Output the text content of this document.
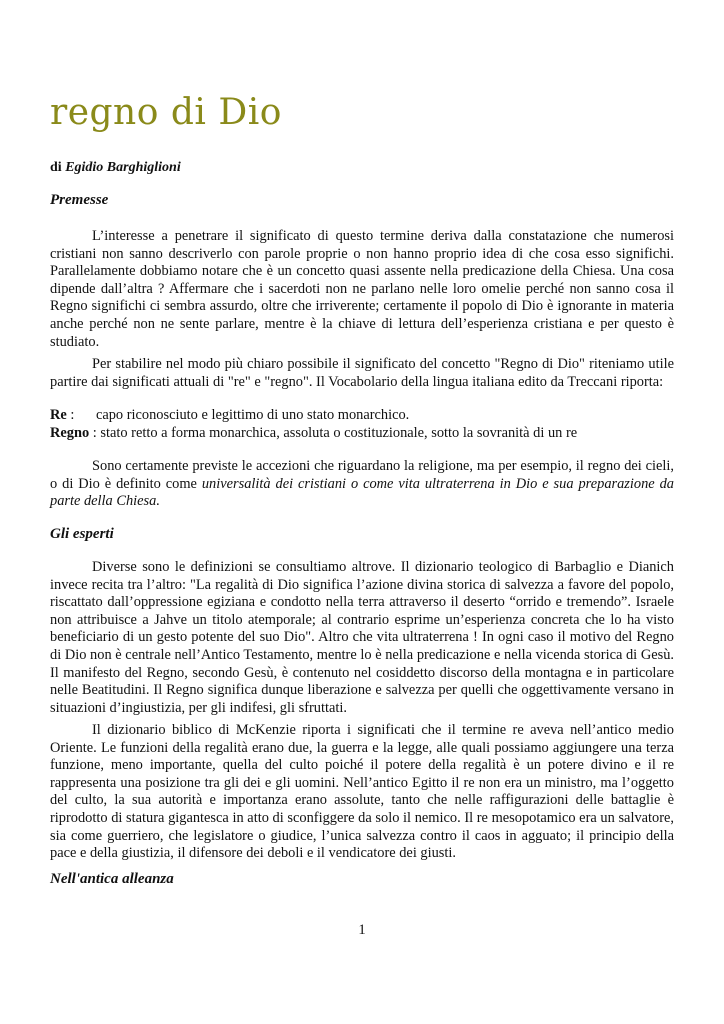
regno di Dio
di Egidio Barghiglioni
Premesse

L’interesse a penetrare il significato di questo termine deriva dalla constatazione che numerosi cristiani non sanno descriverlo con parole proprie o non hanno proprio idea di che cosa esso significhi. Parallelamente dobbiamo notare che è un concetto quasi assente nella predicazione della Chiesa. Una cosa dipende dall’altra ? Affermare che i sacerdoti non ne parlano nelle loro omelie perché non sanno cosa il Regno significhi ci sembra assurdo, oltre che irriverente; certamente il popolo di Dio è ignorante in materia anche perché non ne sente parlare, mentre è la chiave di lettura dell’esperienza cristiana e per questo è studiato.

Per stabilire nel modo più chiaro possibile il significato del concetto "Regno di Dio" riteniamo utile partire dai significati attuali di "re" e "regno". Il Vocabolario della lingua italiana edito da Treccani riporta:

Re :      capo riconosciuto e legittimo di uno stato monarchico.
Regno : stato retto a forma monarchica, assoluta o costituzionale, sotto la sovranità di un re

Sono certamente previste le accezioni che riguardano la religione, ma per esempio, il regno dei cieli, o di Dio è definito come universalità dei cristiani o come vita ultraterrena in Dio e sua preparazione da parte della Chiesa.

Gli esperti

Diverse sono le definizioni se consultiamo altrove. Il dizionario teologico di Barbaglio e Dianich invece recita tra l’altro: "La regalità di Dio significa l’azione divina storica di salvezza a favore del popolo, riscattato dall’oppressione egiziana e condotto nella terra attraverso il deserto “orrido e tremendo”. Israele non attribuisce a Jahve un titolo atemporale; al contrario esprime un’esperienza concreta che lo ha visto beneficiario di un gesto potente del suo Dio". Altro che vita ultraterrena ! In ogni caso il motivo del Regno di Dio non è centrale nell’Antico Testamento, mentre lo è nella predicazione e nella vicenda storica di Gesù. Il manifesto del Regno, secondo Gesù, è contenuto nel cosiddetto discorso della montagna e in particolare nelle Beatitudini. Il Regno significa dunque liberazione e salvezza per quelli che oggettivamente versano in situazioni d’ingiustizia, per gli indifesi, gli sfruttati.

Il dizionario biblico di McKenzie riporta i significati che il termine re aveva nell’antico medio Oriente. Le funzioni della regalità erano due, la guerra e la legge, alle quali possiamo aggiungere una terza funzione, meno importante, quella del culto poiché il potere della regalità è un potere divino e il re rappresenta una posizione tra gli dei e gli uomini. Nell’antico Egitto il re non era un ministro, ma l’oggetto del culto, la sua autorità e importanza erano assolute, tanto che nelle raffigurazioni delle battaglie è riprodotto di statura gigantesca in atto di sconfiggere da solo il nemico. Il re mesopotamico era un salvatore, sia come guerriero, che legislatore o giudice, l’unica salvezza contro il caos in agguato; il principio della pace e della giustizia, il difensore dei deboli e il vendicatore dei giusti.

Nell'antica alleanza
1
